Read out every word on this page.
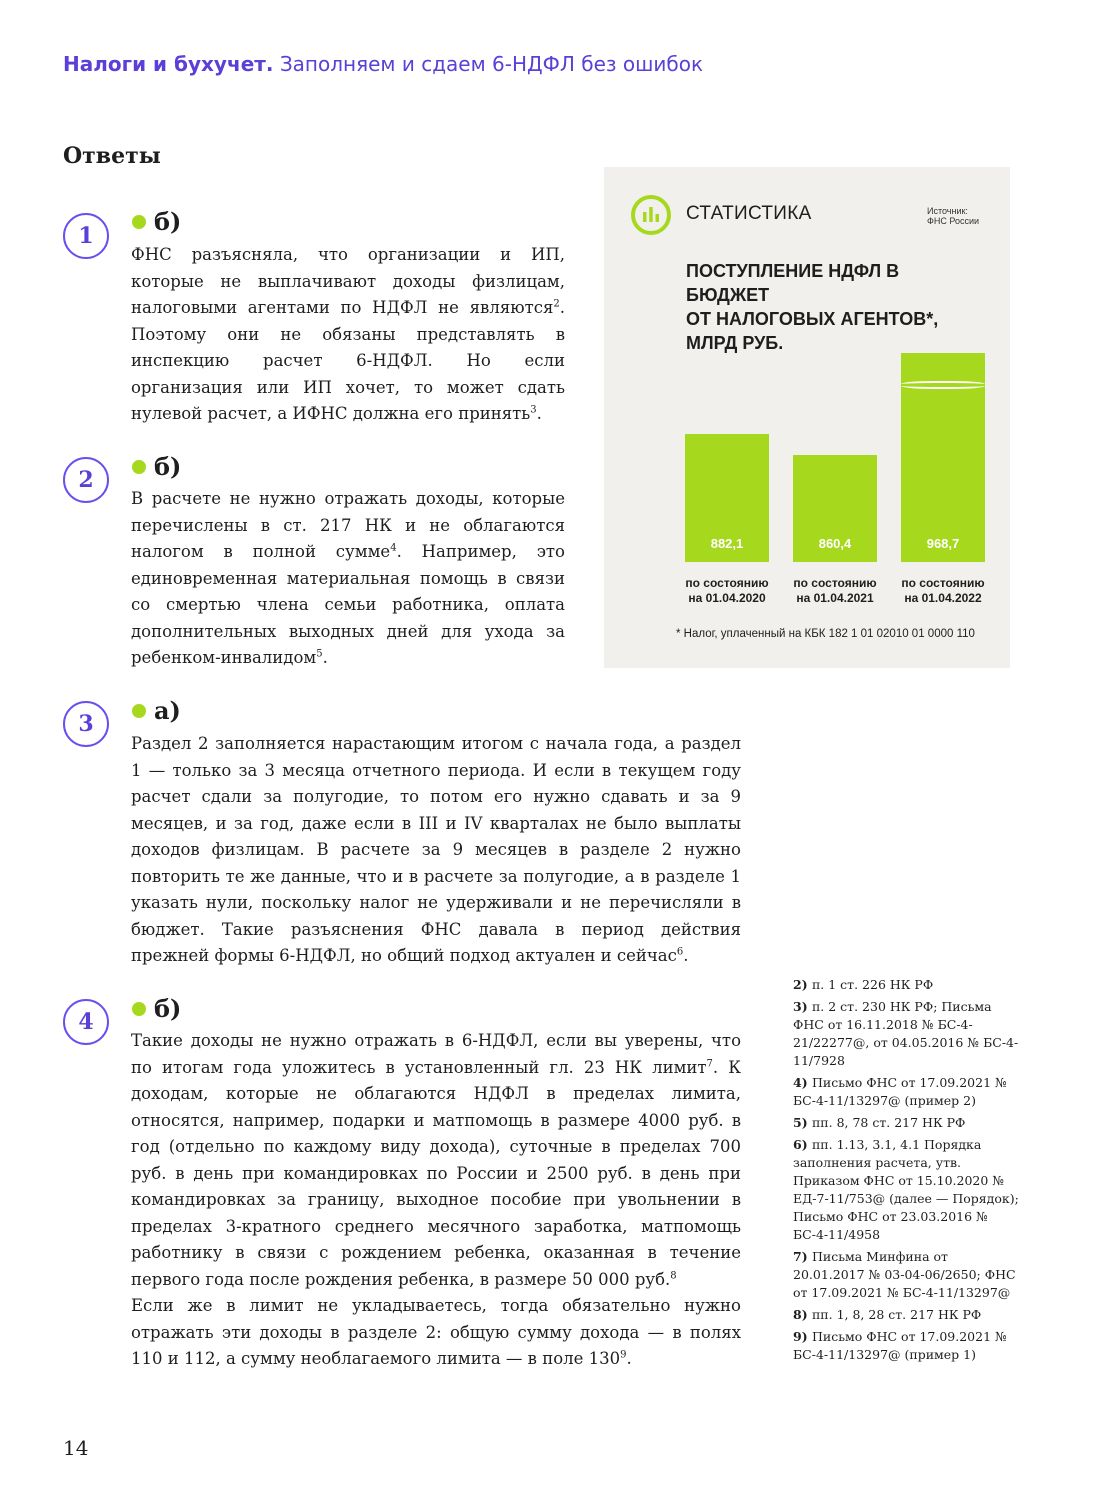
Налоги и бухучет. Заполняем и сдаем 6-НДФЛ без ошибок
Ответы
1	б)

ФНС разъясняла, что организации и ИП, которые не выплачивают доходы физлицам, налоговыми агентами по НДФЛ не являются$^2$. Поэтому они не обязаны представлять в инспекцию расчет 6-НДФЛ. Но если организация или ИП хочет, то может сдать нулевой расчет, а ИФНС должна его принять$^3$.

2	б)

В расчете не нужно отражать доходы, которые перечислены в ст. 217 НК и не облагаются налогом в полной сумме$^4$. Например, это единовременная материальная помощь в связи со смертью члена семьи работника, оплата дополнительных выходных дней для ухода за ребенком-инвалидом$^5$.

3	а)

Раздел 2 заполняется нарастающим итогом с начала года, а раздел 1 — только за 3 месяца отчетного периода. И если в текущем году расчет сдали за полугодие, то потом его нужно сдавать и за 9 месяцев, и за год, даже если в III и IV кварталах не было выплаты доходов физлицам. В расчете за 9 месяцев в разделе 2 нужно повторить те же данные, что и в расчете за полугодие, а в разделе 1 указать нули, поскольку налог не удерживали и не перечисляли в бюджет. Такие разъяснения ФНС давала в период действия прежней формы 6-НДФЛ, но общий подход актуален и сейчас$^6$.

4	б)

Такие доходы не нужно отражать в 6-НДФЛ, если вы уверены, что по итогам года уложитесь в установленный гл. 23 НК лимит$^7$. К доходам, которые не облагаются НДФЛ в пределах лимита, относятся, например, подарки и матпомощь в размере 4000 руб. в год (отдельно по каждому виду дохода), суточные в пределах 700 руб. в день при командировках по России и 2500 руб. в день при командировках за границу, выходное пособие при увольнении в пределах 3-кратного среднего месячного заработка, матпомощь работнику в связи с рождением ребенка, оказанная в течение первого года после рождения ребенка, в размере 50 000 руб.$^8$

Если же в лимит не укладываетесь, тогда обязательно нужно отражать эти доходы в разделе 2: общую сумму дохода — в полях 110 и 112, а сумму необлагаемого лимита — в поле $130^9$.

СТАТИСТИКА	Источник:
ФНС России
ПОСТУПЛЕНИЕ НДФЛ В БЮДЖЕТ
ОТ НАЛОГОВЫХ АГЕНТОВ*,
МЛРД РУБ.
882,1
по состоянию
на 01.04.2020
860,4
по состоянию
на 01.04.2021
968,7
по состоянию
на 01.04.2022
* Налог, уплаченный на КБК 182 1 01 02010 01 0000 110
2) п. 1 ст. 226 НК РФ
3) п. 2 ст. 230 НК РФ; Письма ФНС от 16.11.2018 № БС-4-21/22277@, от 04.05.2016 № БС-4-11/7928
4) Письмо ФНС от 17.09.2021 № БС-4-11/13297@ (пример 2)
5) пп. 8, 78 ст. 217 НК РФ
6) пп. 1.13, 3.1, 4.1 Порядка заполнения расчета, утв. Приказом ФНС от 15.10.2020 № ЕД-7-11/753@ (далее — Порядок); Письмо ФНС от 23.03.2016 № БС-4-11/4958
7) Письма Минфина от 20.01.2017 № 03-04-06/2650; ФНС от 17.09.2021 № БС-4-11/13297@
8) пп. 1, 8, 28 ст. 217 НК РФ
9) Письмо ФНС от 17.09.2021 № БС-4-11/13297@ (пример 1)
14
